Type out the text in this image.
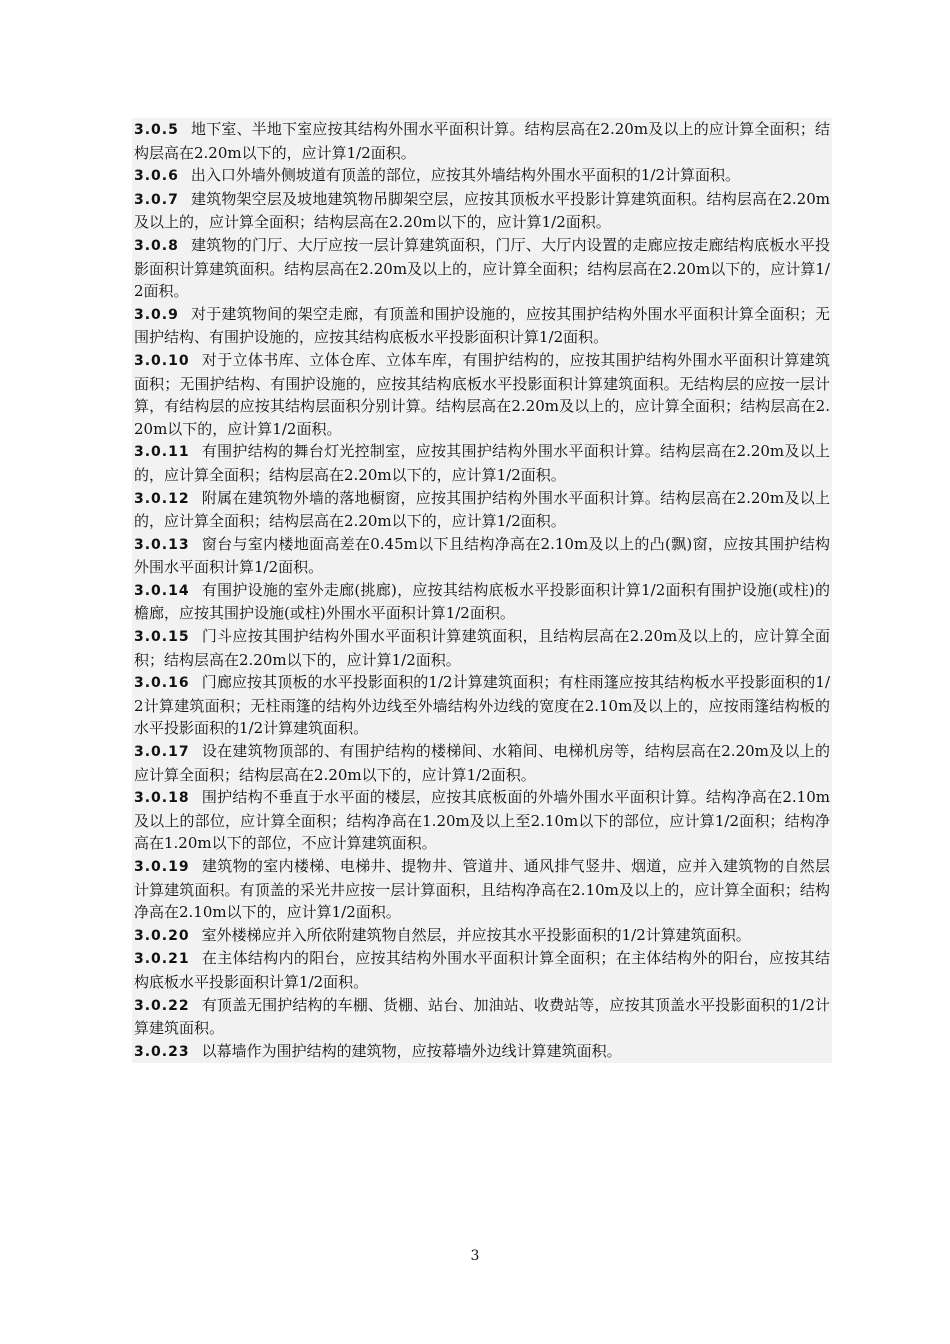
3.0.5 地下室、半地下室应按其结构外围水平面积计算。结构层高在2.20m及以上的应计算全面积；结构层高在2.20m以下的，应计算1/2面积。

3.0.6 出入口外墙外侧坡道有顶盖的部位，应按其外墙结构外围水平面积的1/2计算面积。

3.0.7 建筑物架空层及坡地建筑物吊脚架空层，应按其顶板水平投影计算建筑面积。结构层高在2.20m及以上的，应计算全面积；结构层高在2.20m以下的，应计算1/2面积。

3.0.8 建筑物的门厅、大厅应按一层计算建筑面积，门厅、大厅内设置的走廊应按走廊结构底板水平投影面积计算建筑面积。结构层高在2.20m及以上的，应计算全面积；结构层高在2.20m以下的，应计算1/2面积。

3.0.9 对于建筑物间的架空走廊，有顶盖和围护设施的，应按其围护结构外围水平面积计算全面积；无围护结构、有围护设施的，应按其结构底板水平投影面积计算1/2面积。

3.0.10 对于立体书库、立体仓库、立体车库，有围护结构的，应按其围护结构外围水平面积计算建筑面积；无围护结构、有围护设施的，应按其结构底板水平投影面积计算建筑面积。无结构层的应按一层计算，有结构层的应按其结构层面积分别计算。结构层高在2.20m及以上的，应计算全面积；结构层高在2.20m以下的，应计算1/2面积。

3.0.11 有围护结构的舞台灯光控制室，应按其围护结构外围水平面积计算。结构层高在2.20m及以上的，应计算全面积；结构层高在2.20m以下的，应计算1/2面积。

3.0.12 附属在建筑物外墙的落地橱窗，应按其围护结构外围水平面积计算。结构层高在2.20m及以上的，应计算全面积；结构层高在2.20m以下的，应计算1/2面积。

3.0.13 窗台与室内楼地面高差在0.45m以下且结构净高在2.10m及以上的凸(飘)窗，应按其围护结构外围水平面积计算1/2面积。

3.0.14 有围护设施的室外走廊(挑廊)，应按其结构底板水平投影面积计算1/2面积有围护设施(或柱)的檐廊，应按其围护设施(或柱)外围水平面积计算1/2面积。

3.0.15 门斗应按其围护结构外围水平面积计算建筑面积，且结构层高在2.20m及以上的，应计算全面积；结构层高在2.20m以下的，应计算1/2面积。

3.0.16 门廊应按其顶板的水平投影面积的1/2计算建筑面积；有柱雨篷应按其结构板水平投影面积的1/2计算建筑面积；无柱雨篷的结构外边线至外墙结构外边线的宽度在2.10m及以上的，应按雨篷结构板的水平投影面积的1/2计算建筑面积。

3.0.17 设在建筑物顶部的、有围护结构的楼梯间、水箱间、电梯机房等，结构层高在2.20m及以上的应计算全面积；结构层高在2.20m以下的，应计算1/2面积。

3.0.18 围护结构不垂直于水平面的楼层，应按其底板面的外墙外围水平面积计算。结构净高在2.10m及以上的部位，应计算全面积；结构净高在1.20m及以上至2.10m以下的部位，应计算1/2面积；结构净高在1.20m以下的部位，不应计算建筑面积。

3.0.19 建筑物的室内楼梯、电梯井、提物井、管道井、通风排气竖井、烟道，应并入建筑物的自然层计算建筑面积。有顶盖的采光井应按一层计算面积，且结构净高在2.10m及以上的，应计算全面积；结构净高在2.10m以下的，应计算1/2面积。

3.0.20 室外楼梯应并入所依附建筑物自然层，并应按其水平投影面积的1/2计算建筑面积。

3.0.21 在主体结构内的阳台，应按其结构外围水平面积计算全面积；在主体结构外的阳台，应按其结构底板水平投影面积计算1/2面积。

3.0.22 有顶盖无围护结构的车棚、货棚、站台、加油站、收费站等，应按其顶盖水平投影面积的1/2计算建筑面积。

3.0.23 以幕墙作为围护结构的建筑物，应按幕墙外边线计算建筑面积。

3
